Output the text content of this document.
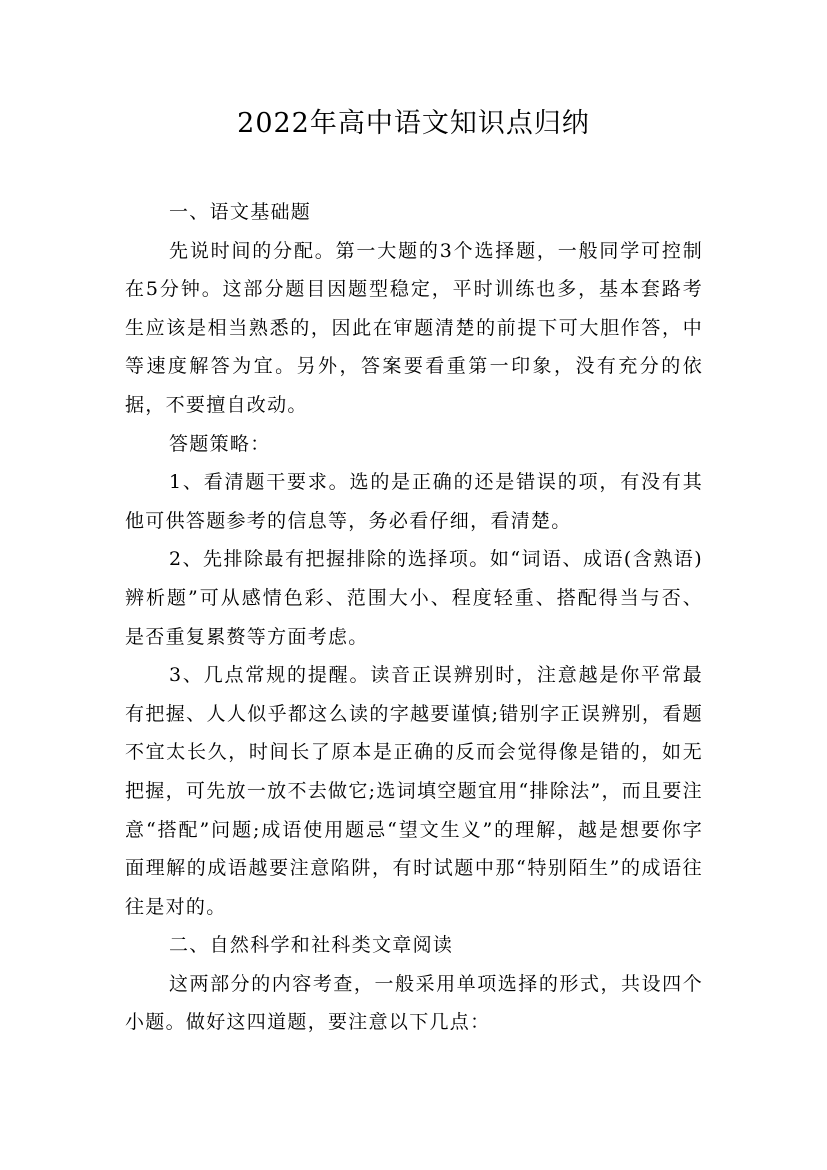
2022年高中语文知识点归纳

一、语文基础题

先说时间的分配。第一大题的3个选择题，一般同学可控制在5分钟。这部分题目因题型稳定，平时训练也多，基本套路考生应该是相当熟悉的，因此在审题清楚的前提下可大胆作答，中等速度解答为宜。另外，答案要看重第一印象，没有充分的依据，不要擅自改动。

答题策略：

1、看清题干要求。选的是正确的还是错误的项，有没有其他可供答题参考的信息等，务必看仔细，看清楚。

2、先排除最有把握排除的选择项。如“词语、成语(含熟语)辨析题”可从感情色彩、范围大小、程度轻重、搭配得当与否、是否重复累赘等方面考虑。

3、几点常规的提醒。读音正误辨别时，注意越是你平常最有把握、人人似乎都这么读的字越要谨慎;错别字正误辨别，看题不宜太长久，时间长了原本是正确的反而会觉得像是错的，如无把握，可先放一放不去做它;选词填空题宜用“排除法”，而且要注意“搭配”问题;成语使用题忌“望文生义”的理解，越是想要你字面理解的成语越要注意陷阱，有时试题中那“特别陌生”的成语往往是对的。

二、自然科学和社科类文章阅读

这两部分的内容考查，一般采用单项选择的形式，共设四个小题。做好这四道题，要注意以下几点：
